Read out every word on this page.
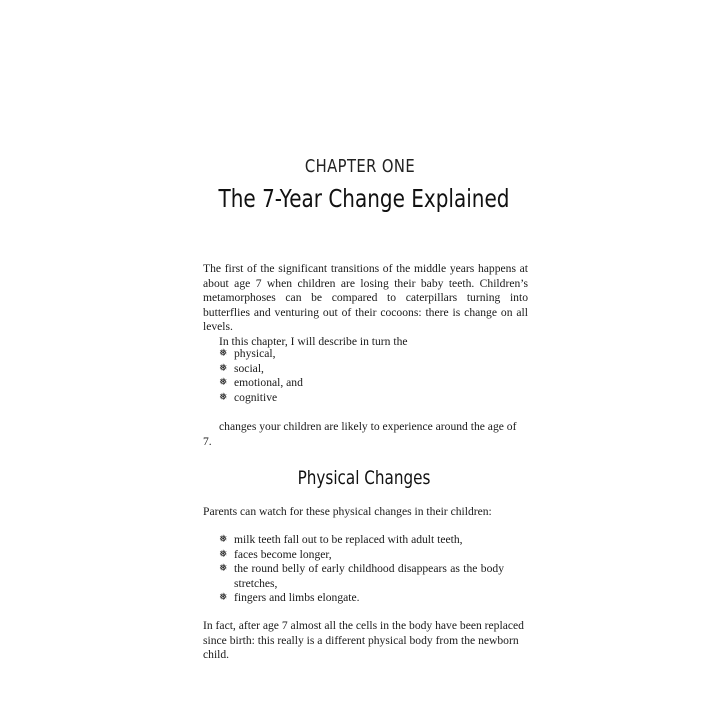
CHAPTER ONE
The 7-Year Change Explained
The first of the significant transitions of the middle years happens at about age 7 when children are losing their baby teeth. Children’s metamorphoses can be compared to caterpillars turning into butterflies and venturing out of their cocoons: there is change on all levels.
In this chapter, I will describe in turn the
❅ physical,
❅ social,
❅ emotional, and
❅ cognitive
changes your children are likely to experience around the age of 7.
Physical Changes
Parents can watch for these physical changes in their children:
❅ milk teeth fall out to be replaced with adult teeth,
❅ faces become longer,
❅ the round belly of early childhood disappears as the body stretches,
❅ fingers and limbs elongate.
In fact, after age 7 almost all the cells in the body have been replaced since birth: this really is a different physical body from the newborn child.
